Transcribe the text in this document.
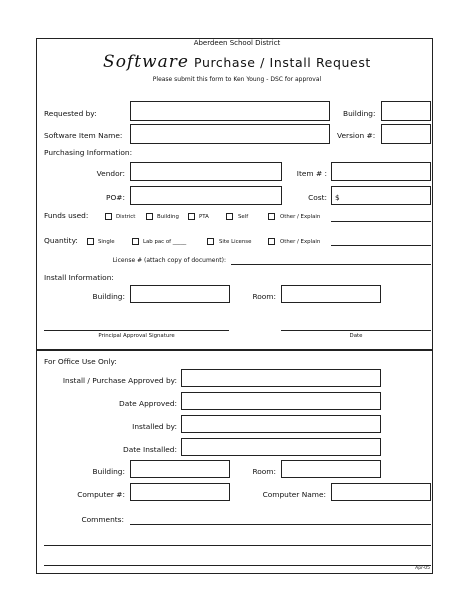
Aberdeen School District
Software Purchase / Install Request
Please submit this form to Ken Young - DSC for approval
Requested by:	Building:
Software Item Name:	Version #:
Purchasing Information:
Vendor:	Item # :
PO#:	Cost: $
Funds used:	District	Building	PTA	Self	Other / Explain
Quantity:	Single	Lab pac of _____	Site License	Other / Explain
License # (attach copy of document):
Install Information:
Building:	Room:
Principal Approval Signature	Date
For Office Use Only:
Install / Purchase Approved by:
Date Approved:
Installed by:
Date Installed:
Building:	Room:
Computer #:	Computer Name:
Comments:
Apr-05
